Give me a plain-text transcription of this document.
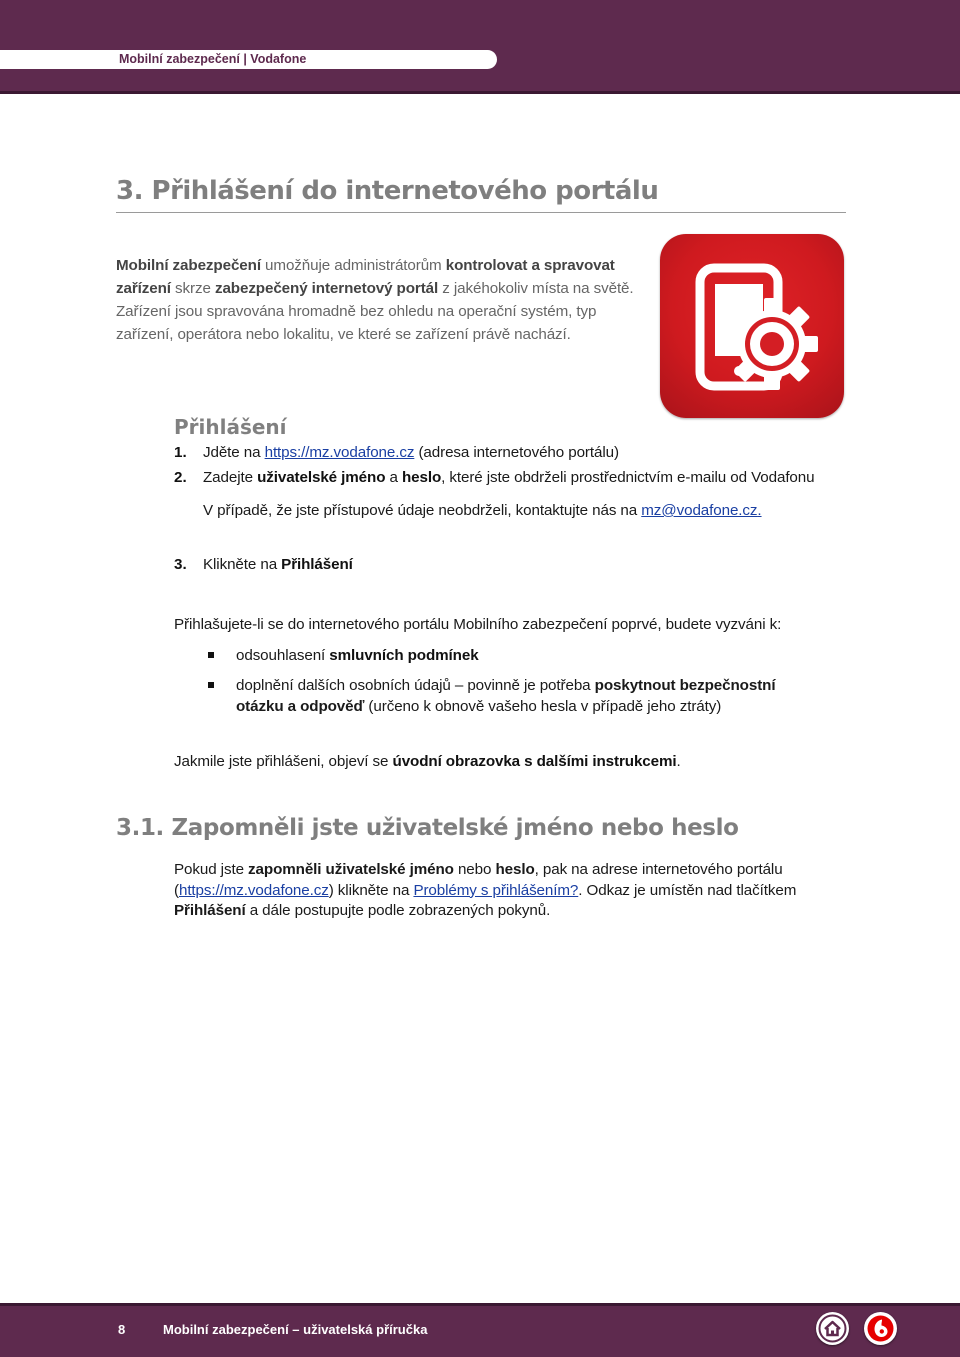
Mobilní zabezpečení | Vodafone
3. Přihlášení do internetového portálu
Mobilní zabezpečení umožňuje administrátorům kontrolovat a spravovat zařízení skrze zabezpečený internetový portál z jakéhokoliv místa na světě. Zařízení jsou spravována hromadně bez ohledu na operační systém, typ zařízení, operátora nebo lokalitu, ve které se zařízení právě nachází.
Přihlášení
1. Jděte na https://mz.vodafone.cz (adresa internetového portálu)
2. Zadejte uživatelské jméno a heslo, které jste obdrželi prostřednictvím e-mailu od Vodafonu
V případě, že jste přístupové údaje neobdrželi, kontaktujte nás na mz@vodafone.cz.
3. Klikněte na Přihlášení
Přihlašujete-li se do internetového portálu Mobilního zabezpečení poprvé, budete vyzváni k:
odsouhlasení smluvních podmínek
doplnění dalších osobních údajů – povinně je potřeba poskytnout bezpečnostní otázku a odpověď (určeno k obnově vašeho hesla v případě jeho ztráty)
Jakmile jste přihlášeni, objeví se úvodní obrazovka s dalšími instrukcemi.
3.1. Zapomněli jste uživatelské jméno nebo heslo
Pokud jste zapomněli uživatelské jméno nebo heslo, pak na adrese internetového portálu (https://mz.vodafone.cz) klikněte na Problémy s přihlášením?. Odkaz je umístěn nad tlačítkem Přihlášení a dále postupujte podle zobrazených pokynů.
8	Mobilní zabezpečení – uživatelská příručka
